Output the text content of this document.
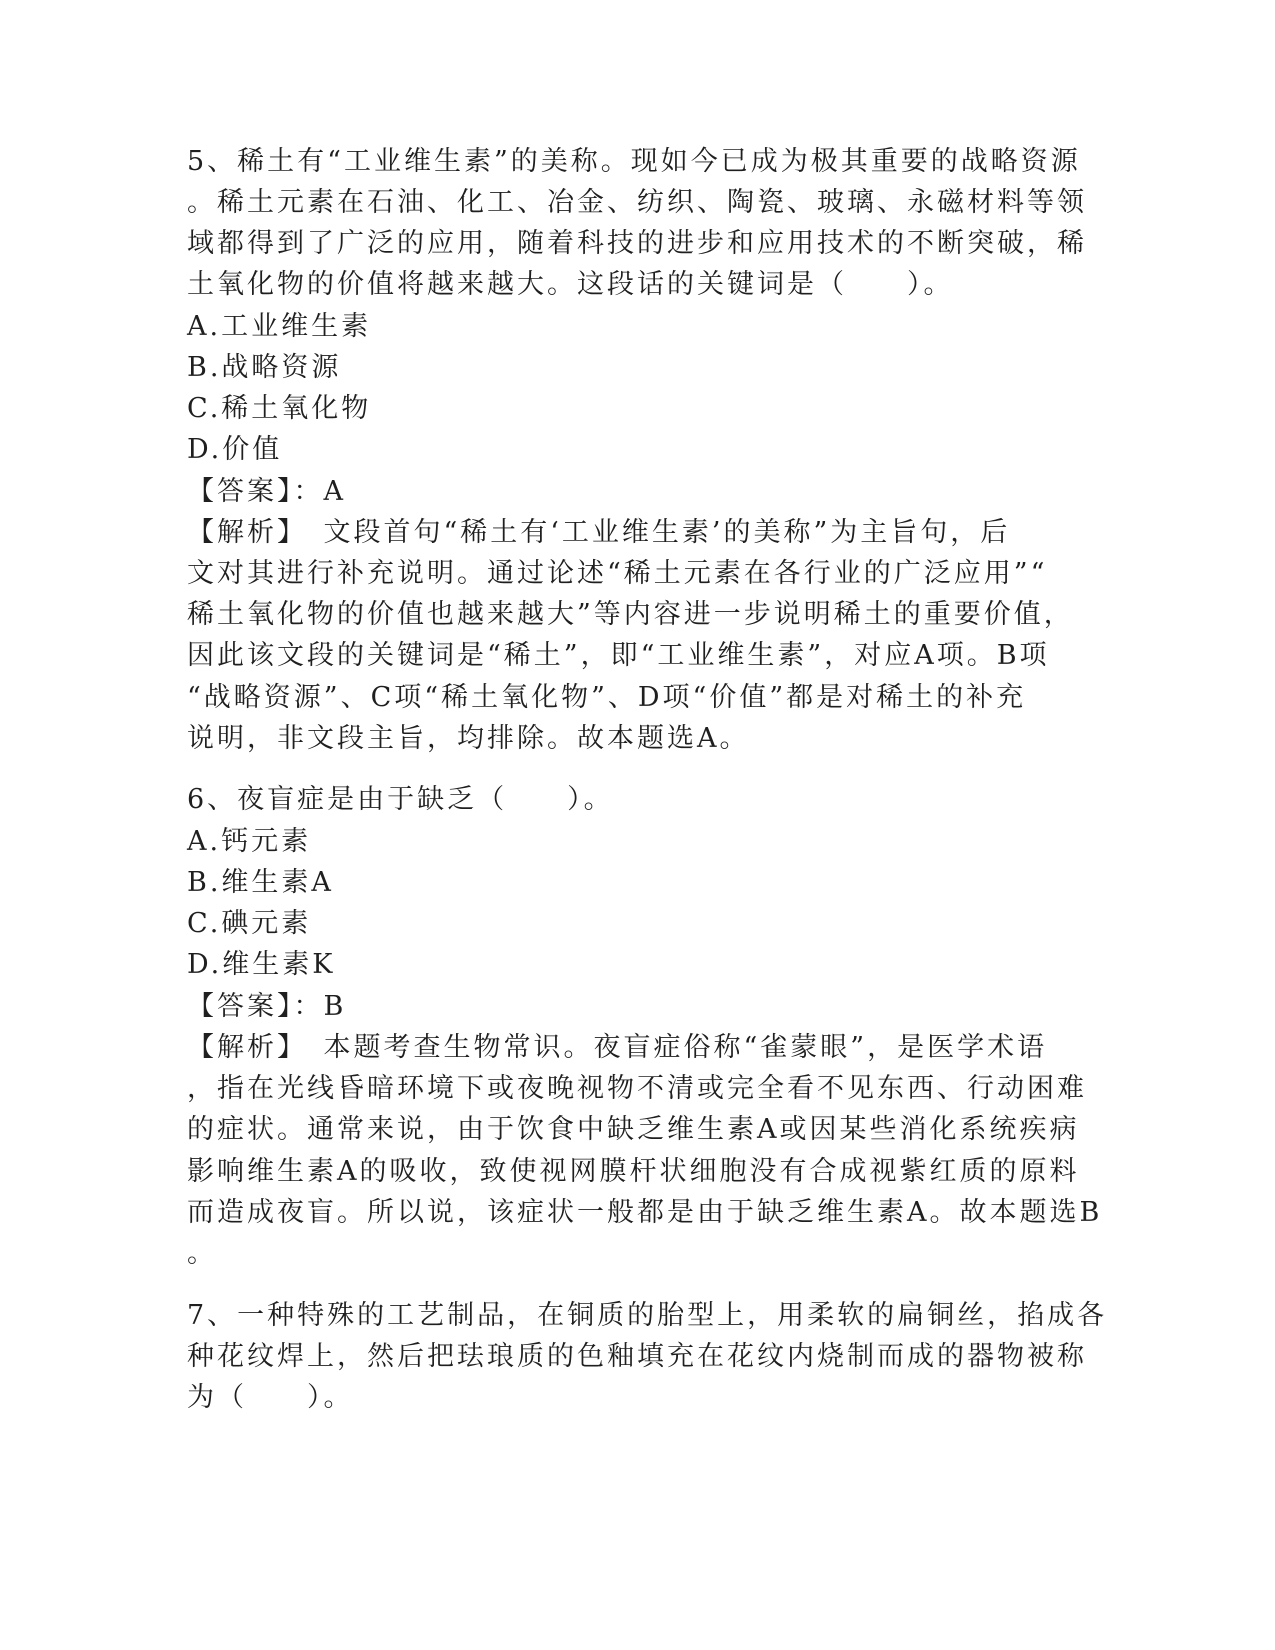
5、稀土有“工业维生素”的美称。现如今已成为极其重要的战略资源
。稀土元素在石油、化工、冶金、纺织、陶瓷、玻璃、永磁材料等领
域都得到了广泛的应用，随着科技的进步和应用技术的不断突破，稀
土氧化物的价值将越来越大。这段话的关键词是（　　）。
A.工业维生素
B.战略资源
C.稀土氧化物
D.价值
【答案】：A
【解析】　文段首句“稀土有‘工业维生素’的美称”为主旨句，后
文对其进行补充说明。通过论述“稀土元素在各行业的广泛应用”“
稀土氧化物的价值也越来越大”等内容进一步说明稀土的重要价值，
因此该文段的关键词是“稀土”，即“工业维生素”，对应A项。B项
“战略资源”、C项“稀土氧化物”、D项“价值”都是对稀土的补充
说明，非文段主旨，均排除。故本题选A。
6、夜盲症是由于缺乏（　　）。
A.钙元素
B.维生素A
C.碘元素
D.维生素K
【答案】：B
【解析】　本题考查生物常识。夜盲症俗称“雀蒙眼”，是医学术语
，指在光线昏暗环境下或夜晚视物不清或完全看不见东西、行动困难
的症状。通常来说，由于饮食中缺乏维生素A或因某些消化系统疾病
影响维生素A的吸收，致使视网膜杆状细胞没有合成视紫红质的原料
而造成夜盲。所以说，该症状一般都是由于缺乏维生素A。故本题选B
。
7、一种特殊的工艺制品，在铜质的胎型上，用柔软的扁铜丝，掐成各
种花纹焊上，然后把珐琅质的色釉填充在花纹内烧制而成的器物被称
为（　　）。
